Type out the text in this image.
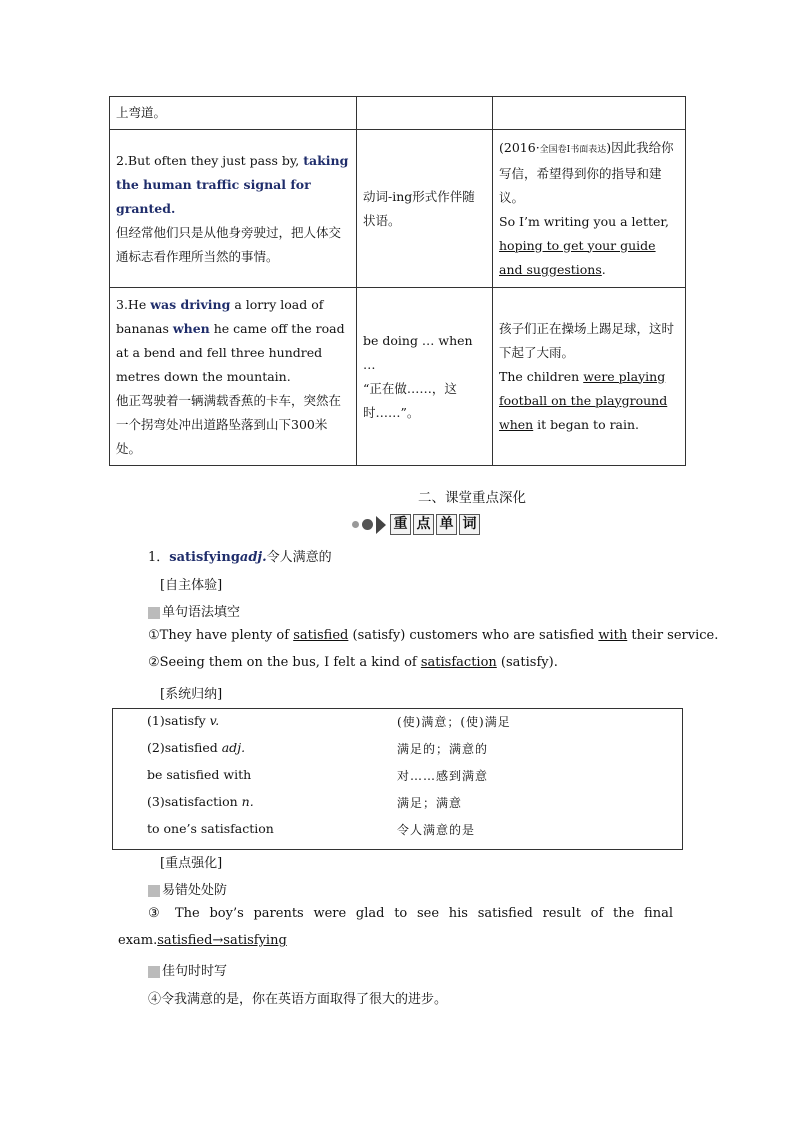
上弯道。		
2.But often they just pass by, taking the human traffic signal for granted.
但经常他们只是从他身旁驶过，把人体交通标志看作理所当然的事情。	动词-ing形式作伴随状语。	(2016·全国卷Ⅰ书面表达)因此我给你写信，希望得到你的指导和建议。
So I’m writing you a letter, hoping to get your guide and suggestions.
3.He was driving a lorry load of bananas when he came off the road at a bend and fell three hundred metres down the mountain.
他正驾驶着一辆满载香蕉的卡车，突然在一个拐弯处冲出道路坠落到山下300米处。	be doing … when …
“正在做……，这时……”。	孩子们正在操场上踢足球，这时下起了大雨。
The children were playing football on the playground when it began to rain.
二、课堂重点深化
重 点 单 词
1．satisfyingadj.令人满意的
[自主体验]
单句语法填空
①They have plenty of satisfied (satisfy) customers who are satisfied with their service.
②Seeing them on the bus, I felt a kind of satisfaction (satisfy).
[系统归纳]
(1)satisfy v.	(使)满意；(使)满足
(2)satisfied adj.	满足的；满意的
be satisfied with	对……感到满意
(3)satisfaction n.	满足；满意
to one’s satisfaction	令人满意的是
[重点强化]
易错处处防
③ The boy’s parents were glad to see his satisfied result of the final
exam.satisfied→satisfying
佳句时时写
④令我满意的是，你在英语方面取得了很大的进步。
